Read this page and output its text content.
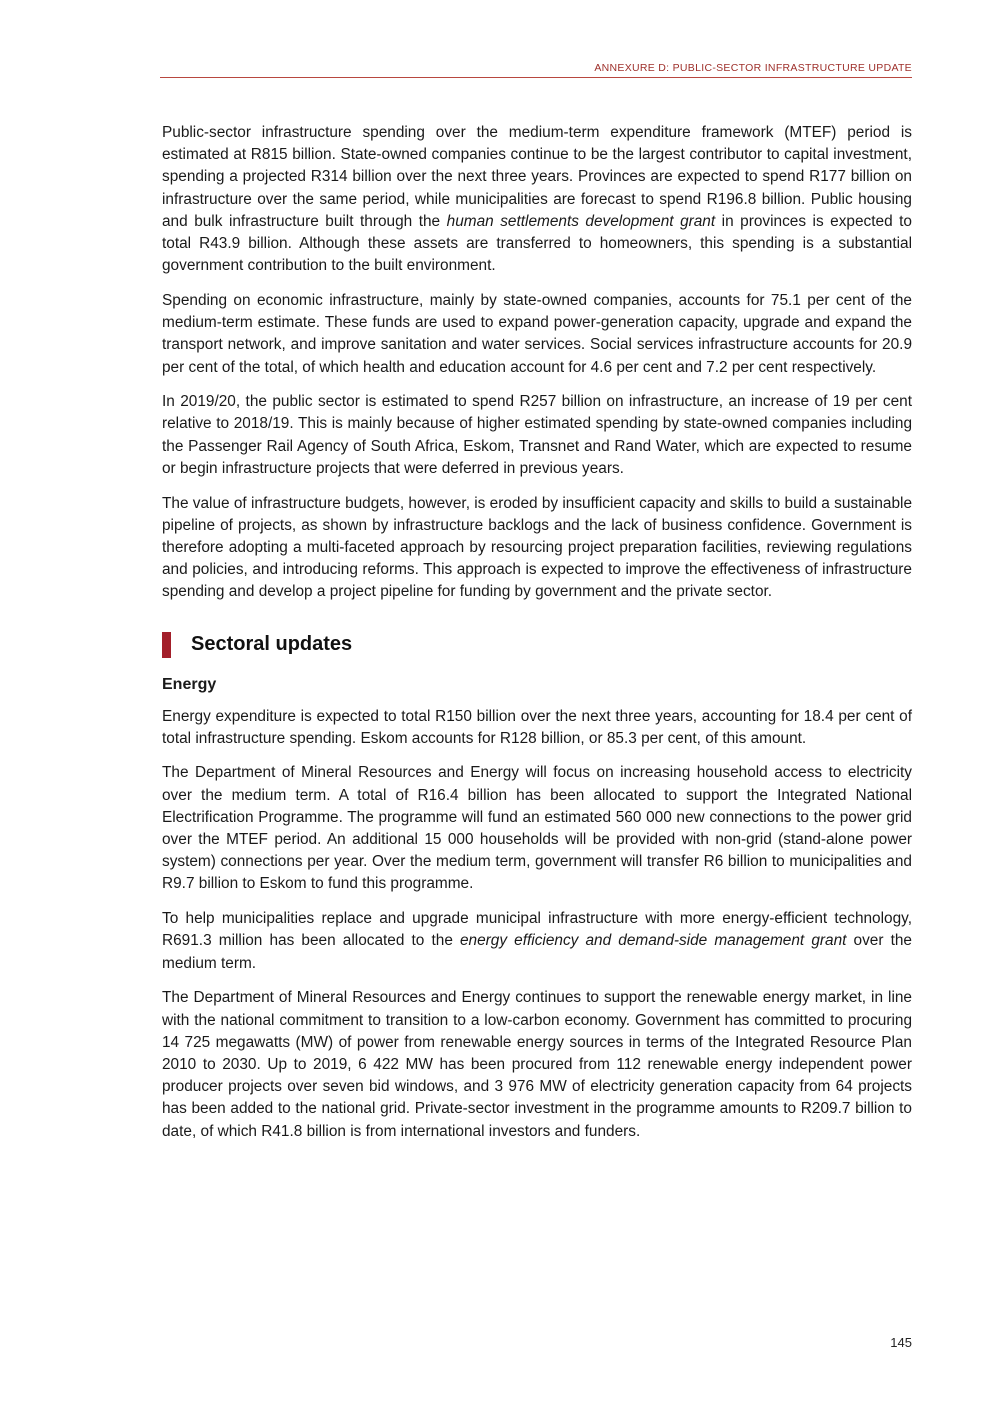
ANNEXURE D: PUBLIC-SECTOR INFRASTRUCTURE UPDATE

Public-sector infrastructure spending over the medium-term expenditure framework (MTEF) period is estimated at R815 billion. State-owned companies continue to be the largest contributor to capital investment, spending a projected R314 billion over the next three years. Provinces are expected to spend R177 billion on infrastructure over the same period, while municipalities are forecast to spend R196.8 billion. Public housing and bulk infrastructure built through the human settlements development grant in provinces is expected to total R43.9 billion. Although these assets are transferred to homeowners, this spending is a substantial government contribution to the built environment.

Spending on economic infrastructure, mainly by state-owned companies, accounts for 75.1 per cent of the medium-term estimate. These funds are used to expand power-generation capacity, upgrade and expand the transport network, and improve sanitation and water services. Social services infrastructure accounts for 20.9 per cent of the total, of which health and education account for 4.6 per cent and 7.2 per cent respectively.

In 2019/20, the public sector is estimated to spend R257 billion on infrastructure, an increase of 19 per cent relative to 2018/19. This is mainly because of higher estimated spending by state-owned companies including the Passenger Rail Agency of South Africa, Eskom, Transnet and Rand Water, which are expected to resume or begin infrastructure projects that were deferred in previous years.

The value of infrastructure budgets, however, is eroded by insufficient capacity and skills to build a sustainable pipeline of projects, as shown by infrastructure backlogs and the lack of business confidence. Government is therefore adopting a multi-faceted approach by resourcing project preparation facilities, reviewing regulations and policies, and introducing reforms. This approach is expected to improve the effectiveness of infrastructure spending and develop a project pipeline for funding by government and the private sector.

Sectoral updates
Energy

Energy expenditure is expected to total R150 billion over the next three years, accounting for 18.4 per cent of total infrastructure spending. Eskom accounts for R128 billion, or 85.3 per cent, of this amount.

The Department of Mineral Resources and Energy will focus on increasing household access to electricity over the medium term. A total of R16.4 billion has been allocated to support the Integrated National Electrification Programme. The programme will fund an estimated 560 000 new connections to the power grid over the MTEF period. An additional 15 000 households will be provided with non-grid (stand-alone power system) connections per year. Over the medium term, government will transfer R6 billion to municipalities and R9.7 billion to Eskom to fund this programme.

To help municipalities replace and upgrade municipal infrastructure with more energy-efficient technology, R691.3 million has been allocated to the energy efficiency and demand-side management grant over the medium term.

The Department of Mineral Resources and Energy continues to support the renewable energy market, in line with the national commitment to transition to a low-carbon economy. Government has committed to procuring 14 725 megawatts (MW) of power from renewable energy sources in terms of the Integrated Resource Plan 2010 to 2030. Up to 2019, 6 422 MW has been procured from 112 renewable energy independent power producer projects over seven bid windows, and 3 976 MW of electricity generation capacity from 64 projects has been added to the national grid. Private-sector investment in the programme amounts to R209.7 billion to date, of which R41.8 billion is from international investors and funders.

145
